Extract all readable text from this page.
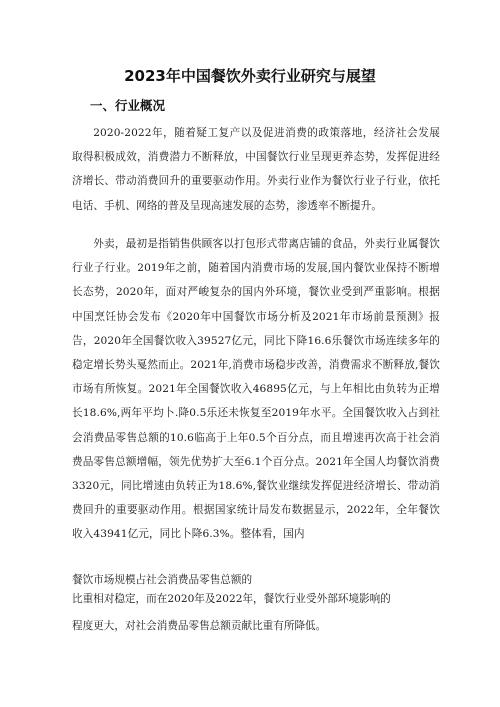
2023年中国餐饮外卖行业研究与展望
一、行业概况

2020-2022年，随着疑工复产以及促进消费的政策落地，经济社会发展取得积极成效，消费潜力不断释放，中国餐饮行业呈现更养态势，发挥促进经济增长、带动消费回升的重要驱动作用。外卖行业作为餐饮行业子行业，依托电话、手机、网络的普及呈现高速发展的态势，渗透率不断提升。

外卖，最初是指销售供顾客以打包形式带离店铺的食品，外卖行业属餐饮行业子行业。2019年之前，随着国内消费市场的发展,国内餐饮业保持不断增长态势，2020年，面对严峻复杂的国内外环境，餐饮业受到严重影响。根据中国烹饪协会发布《2020年中国餐饮市场分析及2021年市场前景预测》报告，2020年全国餐饮收入39527亿元，同比下降16.6乐餐饮市场连续多年的稳定增长势头戛然而止。2021年,消费市场稳步改善，消费需求不断释放,餐饮市场有所恢复。2021年全国餐饮收入46895亿元，与上年相比由负转为正增长18.6%,两年平均卜.降0.5乐还未恢复至2019年水平。全国餐饮收入占到社会消费品零售总额的10.6临高于上年0.5个百分点，而且增速再次高于社会消费品零售总额增幅，领先优势扩大至6.1个百分点。2021年全国人均餐饮消费3320元，同比增速由负转正为18.6%,餐饮业继续发挥促进经济增长、带动消费回升的重要驱动作用。根据国家统计局发布数据显示，2022年，全年餐饮收入43941亿元，同比卜降6.3%。整体看，国内

餐饮市场规模占社会消费品零售总额的

比重相对稳定，而在2020年及2022年，餐饮行业受外部环境影响的

程度更大，对社会消费品零售总额贡献比重有所降低。
